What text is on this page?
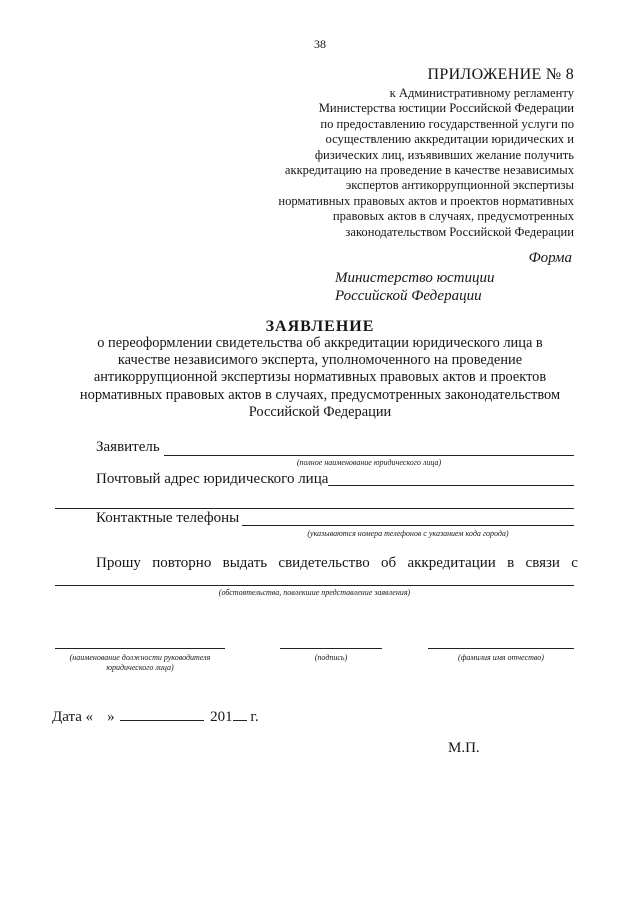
38
ПРИЛОЖЕНИЕ № 8
к Административному регламенту
Министерства юстиции Российской Федерации
по предоставлению государственной услуги по
осуществлению аккредитации юридических и
физических лиц, изъявивших желание получить
аккредитацию на проведение в качестве независимых
экспертов антикоррупционной экспертизы
нормативных правовых актов и проектов нормативных
правовых актов в случаях, предусмотренных
законодательством Российской Федерации
Форма
Министерство юстиции
Российской Федерации
ЗАЯВЛЕНИЕ
о переоформлении свидетельства об аккредитации юридического лица в
качестве независимого эксперта, уполномоченного на проведение
антикоррупционной экспертизы нормативных правовых актов и проектов
нормативных правовых актов в случаях, предусмотренных законодательством
Российской Федерации
Заявитель
(полное наименование юридического лица)
Почтовый адрес юридического лица
Контактные телефоны
(указываются номера телефонов с указанием кода города)
Прошу повторно выдать свидетельство об аккредитации в связи с
(обстоятельства, повлекшие представление заявления)
(наименование должности руководителя
юридического лица)
(подпись)	(фамилия имя отчество)
Дата « »	201 г.
М.П.
